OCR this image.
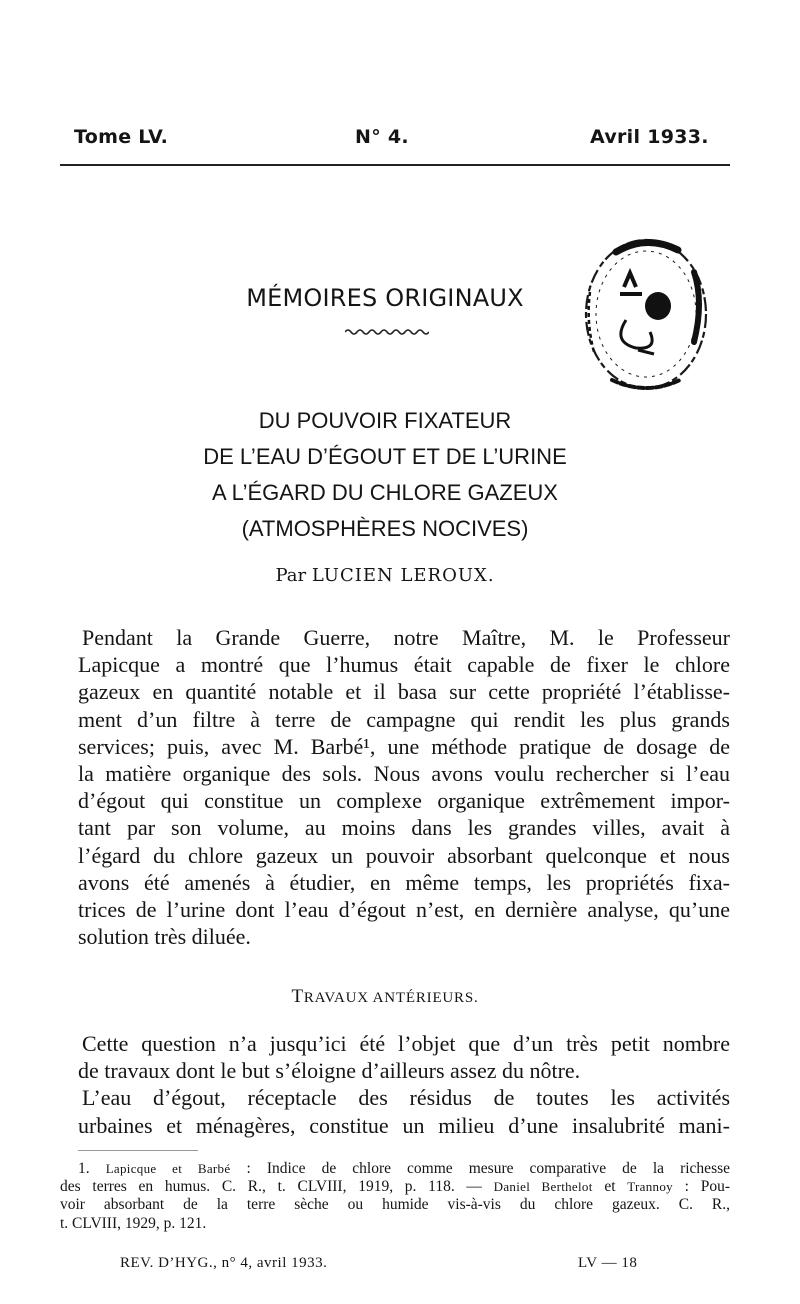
Tome LV.	N° 4.	Avril 1933.
MÉMOIRES ORIGINAUX
DU POUVOIR FIXATEUR
DE L’EAU D’ÉGOUT ET DE L’URINE
A L’ÉGARD DU CHLORE GAZEUX
(ATMOSPHÈRES NOCIVES)
Par LUCIEN LEROUX.
Pendant la Grande Guerre, notre Maître, M. le Professeur
Lapicque a montré que l’humus était capable de fixer le chlore
gazeux en quantité notable et il basa sur cette propriété l’établisse-
ment d’un filtre à terre de campagne qui rendit les plus grands
services; puis, avec M. Barbé¹, une méthode pratique de dosage de
la matière organique des sols. Nous avons voulu rechercher si l’eau
d’égout qui constitue un complexe organique extrêmement impor-
tant par son volume, au moins dans les grandes villes, avait à
l’égard du chlore gazeux un pouvoir absorbant quelconque et nous
avons été amenés à étudier, en même temps, les propriétés fixa-
trices de l’urine dont l’eau d’égout n’est, en dernière analyse, qu’une
solution très diluée.
TRAVAUX ANTÉRIEURS.
Cette question n’a jusqu’ici été l’objet que d’un très petit nombre
de travaux dont le but s’éloigne d’ailleurs assez du nôtre.
L’eau d’égout, réceptacle des résidus de toutes les activités
urbaines et ménagères, constitue un milieu d’une insalubrité mani-
1. Lapicque et Barbé : Indice de chlore comme mesure comparative de la richesse
des terres en humus. C. R., t. CLVIII, 1919, p. 118. — Daniel Berthelot et Trannoy : Pou-
voir absorbant de la terre sèche ou humide vis-à-vis du chlore gazeux. C. R.,
t. CLVIII, 1929, p. 121.
REV. D’HYG., n° 4, avril 1933.	LV — 18
